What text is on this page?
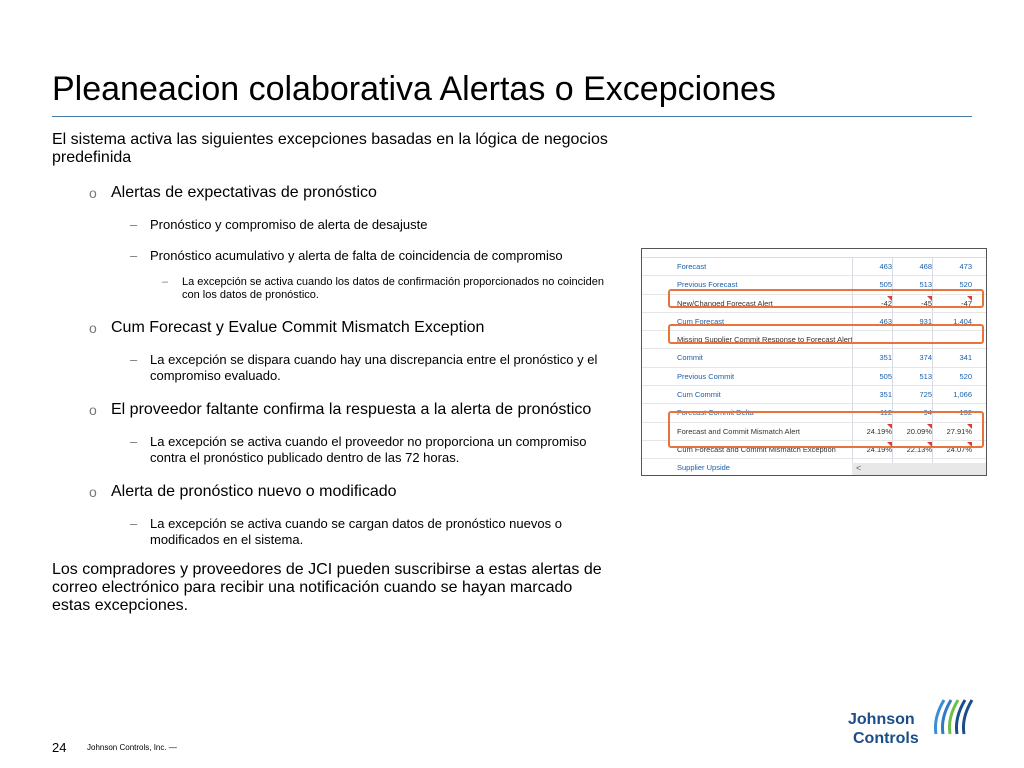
Pleaneacion colaborativa Alertas o Excepciones

El sistema activa las siguientes excepciones basadas en la lógica de negocios predefinida

o Alertas de expectativas de pronóstico
– Pronóstico y compromiso de alerta de desajuste
– Pronóstico acumulativo y alerta de falta de coincidencia de compromiso
– La excepción se activa cuando los datos de confirmación proporcionados no coinciden con los datos de pronóstico.
o Cum Forecast y Evalue Commit Mismatch Exception
– La excepción se dispara cuando hay una discrepancia entre el pronóstico y el compromiso evaluado.
o El proveedor faltante confirma la respuesta a la alerta de pronóstico
– La excepción se activa cuando el proveedor no proporciona un compromiso contra el pronóstico publicado dentro de las 72 horas.
o Alerta de pronóstico nuevo o modificado
– La excepción se activa cuando se cargan datos de pronóstico nuevos o modificados en el sistema.

Los compradores y proveedores de JCI pueden suscribirse a estas alertas de correo electrónico para recibir una notificación cuando se hayan marcado estas excepciones.

Forecast	463	468	473
Previous Forecast	505	513	520
New/Changed Forecast Alert	-42	-45	-47
Cum Forecast	463	931	1,404
Missing Supplier Commit Response to Forecast Alert
Commit	351	374	341
Previous Commit	505	513	520
Cum Commit	351	725	1,066
Forecast Commit Delta	-112	-94	-132
Forecast and Commit Mismatch Alert	24.19%	20.09%	27.91%
Cum Forecast and Commit Mismatch Exception	24.19%	22.13%	24.07%
Supplier Upside	<
24	Johnson Controls, Inc. —
Johnson
Controls
